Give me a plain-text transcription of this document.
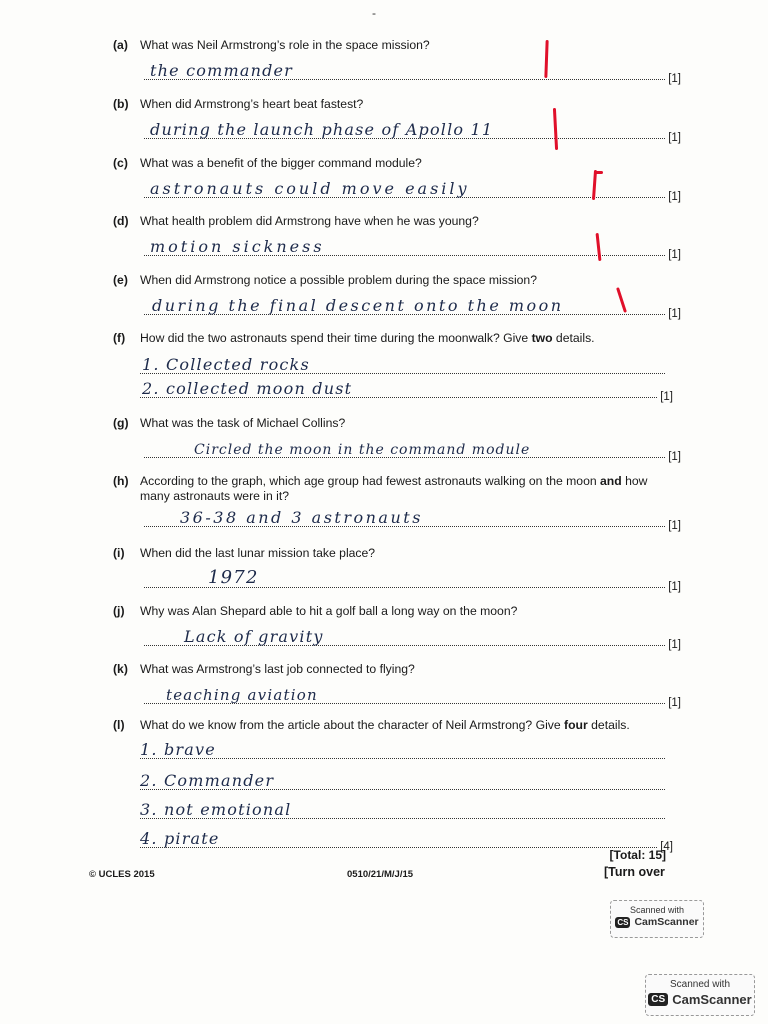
-
(a) What was Neil Armstrong’s role in the space mission?
the commander	[1]
(b) When did Armstrong’s heart beat fastest?
during the launch phase of Apollo 11	[1]
(c) What was a benefit of the bigger command module?
astronauts could move easily	[1]
(d) What health problem did Armstrong have when he was young?
motion sickness	[1]
(e) When did Armstrong notice a possible problem during the space mission?
during the final descent onto the moon	[1]
(f)	How did the two astronauts spend their time during the moonwalk? Give two details.
1. Collected rocks
2. collected moon dust	[1]
(g) What was the task of Michael Collins?
Circled the moon in the command module	[1]
(h) According to the graph, which age group had fewest astronauts walking on the moon and how many astronauts were in it?
36-38 and 3 astronauts	[1]
(i)	When did the last lunar mission take place?
1972	[1]
(j)	Why was Alan Shepard able to hit a golf ball a long way on the moon?
Lack of gravity	[1]
(k) What was Armstrong’s last job connected to flying?
teaching aviation	[1]
(l)	What do we know from the article about the character of Neil Armstrong? Give four details.
1. brave
2. Commander
3. not emotional
4. pirate	[4]
[Total: 15]
© UCLES 2015	0510/21/M/J/15	[Turn over
Scanned with
CS CamScanner
Scanned with
CS CamScanner
